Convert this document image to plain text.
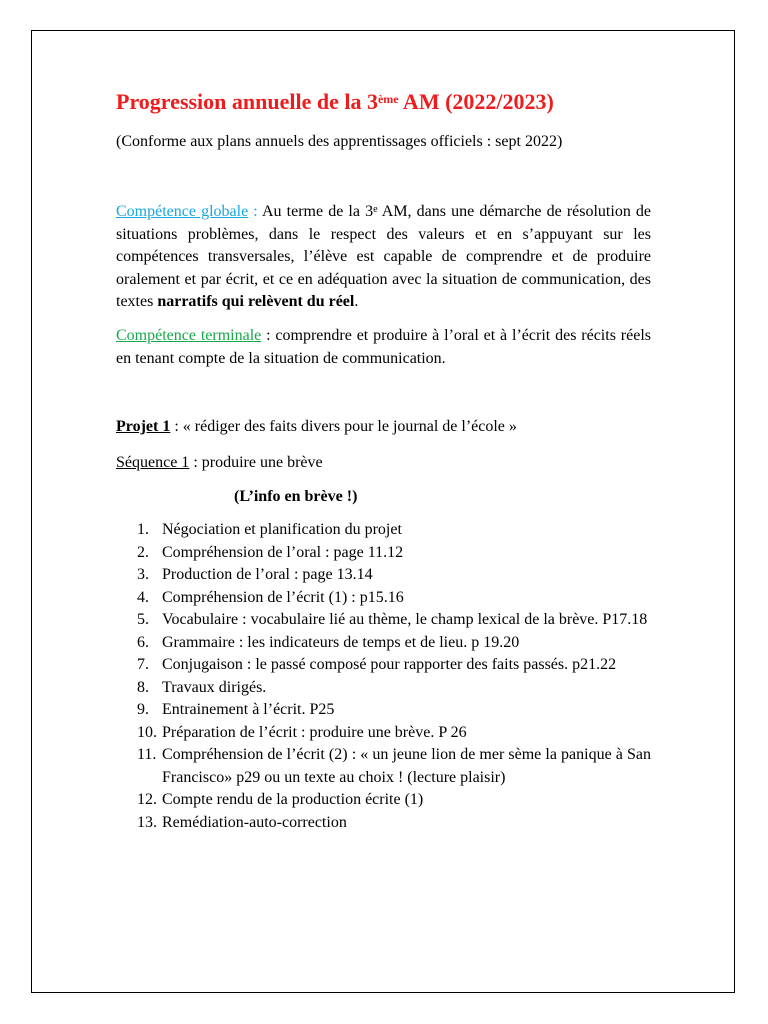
Progression annuelle de la 3ème AM (2022/2023)

(Conforme aux plans annuels des apprentissages officiels : sept 2022)

Compétence globale : Au terme de la 3e AM, dans une démarche de résolution de situations problèmes, dans le respect des valeurs et en s’appuyant sur les compétences transversales, l’élève est capable de comprendre et de produire oralement et par écrit, et ce en adéquation avec la situation de communication, des textes narratifs qui relèvent du réel.

Compétence terminale : comprendre et produire à l’oral et à l’écrit des récits réels en tenant compte de la situation de communication.

Projet 1 : « rédiger des faits divers pour le journal de l’école »

Séquence 1 : produire une brève

(L’info en brève !)

1. Négociation et planification du projet
2. Compréhension de l’oral : page 11.12
3. Production de l’oral : page 13.14
4. Compréhension de l’écrit (1) : p15.16
5. Vocabulaire : vocabulaire lié au thème, le champ lexical de la brève. P17.18
6. Grammaire : les indicateurs de temps et de lieu. p 19.20
7. Conjugaison : le passé composé pour rapporter des faits passés. p21.22
8. Travaux dirigés.
9. Entrainement à l’écrit. P25
10. Préparation de l’écrit : produire une brève. P 26
11. Compréhension de l’écrit (2) : « un jeune lion de mer sème la panique à San Francisco» p29 ou un texte au choix ! (lecture plaisir)
12. Compte rendu de la production écrite (1)
13. Remédiation-auto-correction
